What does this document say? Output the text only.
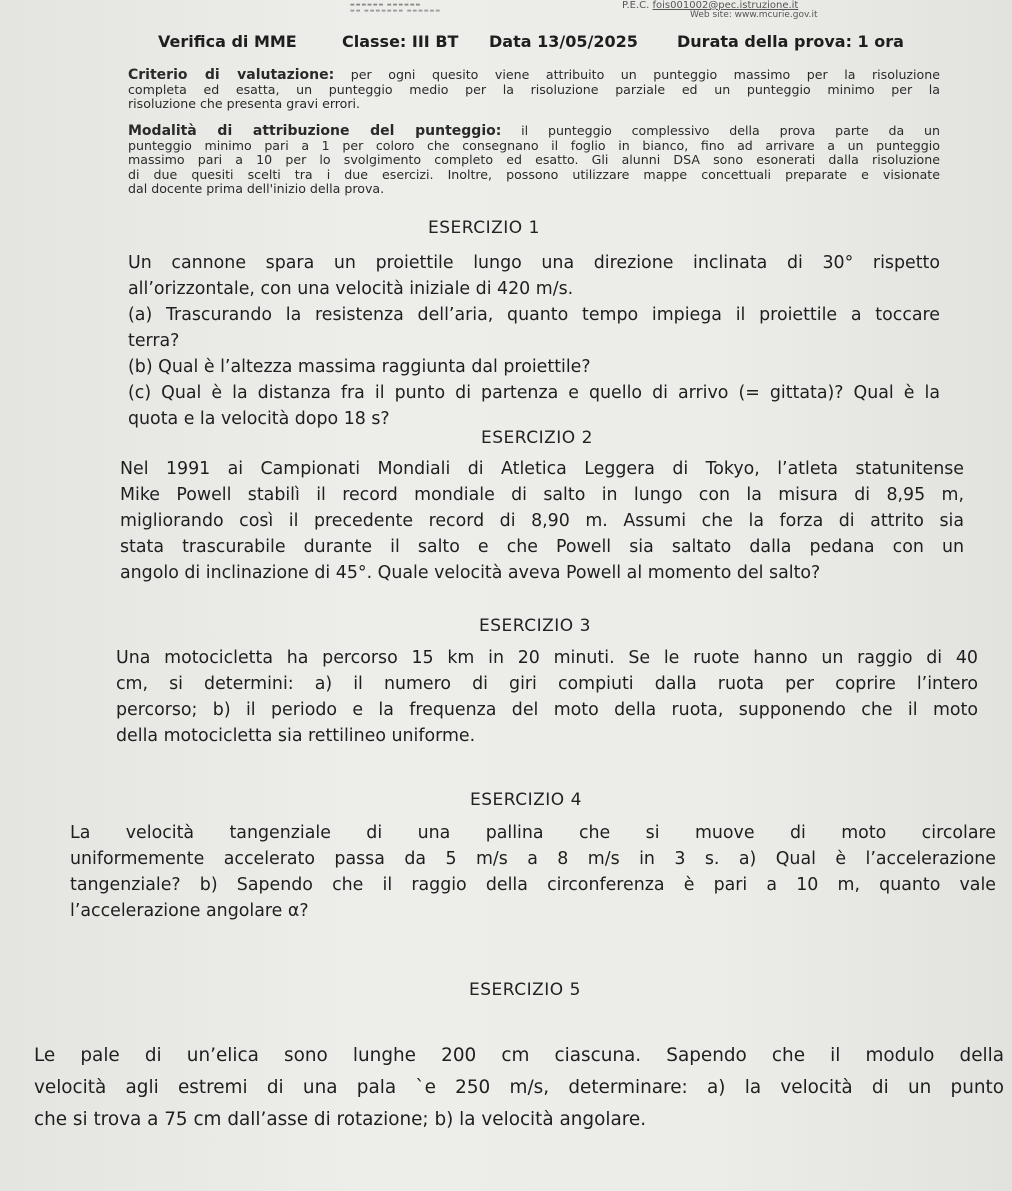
▬▬▬▬▬▬ ▬▬▬▬▬▬
▬▬ ▬▬▬▬▬▬▬ ▬▬▬▬▬▬	P.E.C. fois001002@pec.istruzione.it
Web site: www.mcurie.gov.it
Verifica di MME	Classe: III BT Data 13/05/2025 Durata della prova: 1 ora
Criterio di valutazione: per ogni quesito viene attribuito un punteggio massimo per la risoluzione
completa ed esatta, un punteggio medio per la risoluzione parziale ed un punteggio minimo per la
risoluzione che presenta gravi errori.
Modalità di attribuzione del punteggio: il punteggio complessivo della prova parte da un
punteggio minimo pari a 1 per coloro che consegnano il foglio in bianco, fino ad arrivare a un punteggio
massimo pari a 10 per lo svolgimento completo ed esatto. Gli alunni DSA sono esonerati dalla risoluzione
di due quesiti scelti tra i due esercizi. Inoltre, possono utilizzare mappe concettuali preparate e visionate
dal docente prima dell'inizio della prova.
ESERCIZIO 1
Un cannone spara un proiettile lungo una direzione inclinata di 30° rispetto
all’orizzontale, con una velocità iniziale di 420 m/s.
(a) Trascurando la resistenza dell’aria, quanto tempo impiega il proiettile a toccare
terra?
(b) Qual è l’altezza massima raggiunta dal proiettile?
(c) Qual è la distanza fra il punto di partenza e quello di arrivo (= gittata)? Qual è la
quota e la velocità dopo 18 s?
ESERCIZIO 2
Nel 1991 ai Campionati Mondiali di Atletica Leggera di Tokyo, l’atleta statunitense
Mike Powell stabilì il record mondiale di salto in lungo con la misura di 8,95 m,
migliorando così il precedente record di 8,90 m. Assumi che la forza di attrito sia
stata trascurabile durante il salto e che Powell sia saltato dalla pedana con un
angolo di inclinazione di 45°. Quale velocità aveva Powell al momento del salto?
ESERCIZIO 3
Una motocicletta ha percorso 15 km in 20 minuti. Se le ruote hanno un raggio di 40
cm, si determini: a) il numero di giri compiuti dalla ruota per coprire l’intero
percorso; b) il periodo e la frequenza del moto della ruota, supponendo che il moto
della motocicletta sia rettilineo uniforme.
ESERCIZIO 4
La velocità tangenziale di una pallina che si muove di moto circolare
uniformemente accelerato passa da 5 m/s a 8 m/s in 3 s. a) Qual è l’accelerazione
tangenziale? b) Sapendo che il raggio della circonferenza è pari a 10 m, quanto vale
l’accelerazione angolare α?
ESERCIZIO 5
Le pale di un’elica sono lunghe 200 cm ciascuna. Sapendo che il modulo della
velocità agli estremi di una pala `e 250 m/s, determinare: a) la velocità di un punto
che si trova a 75 cm dall’asse di rotazione; b) la velocità angolare.
